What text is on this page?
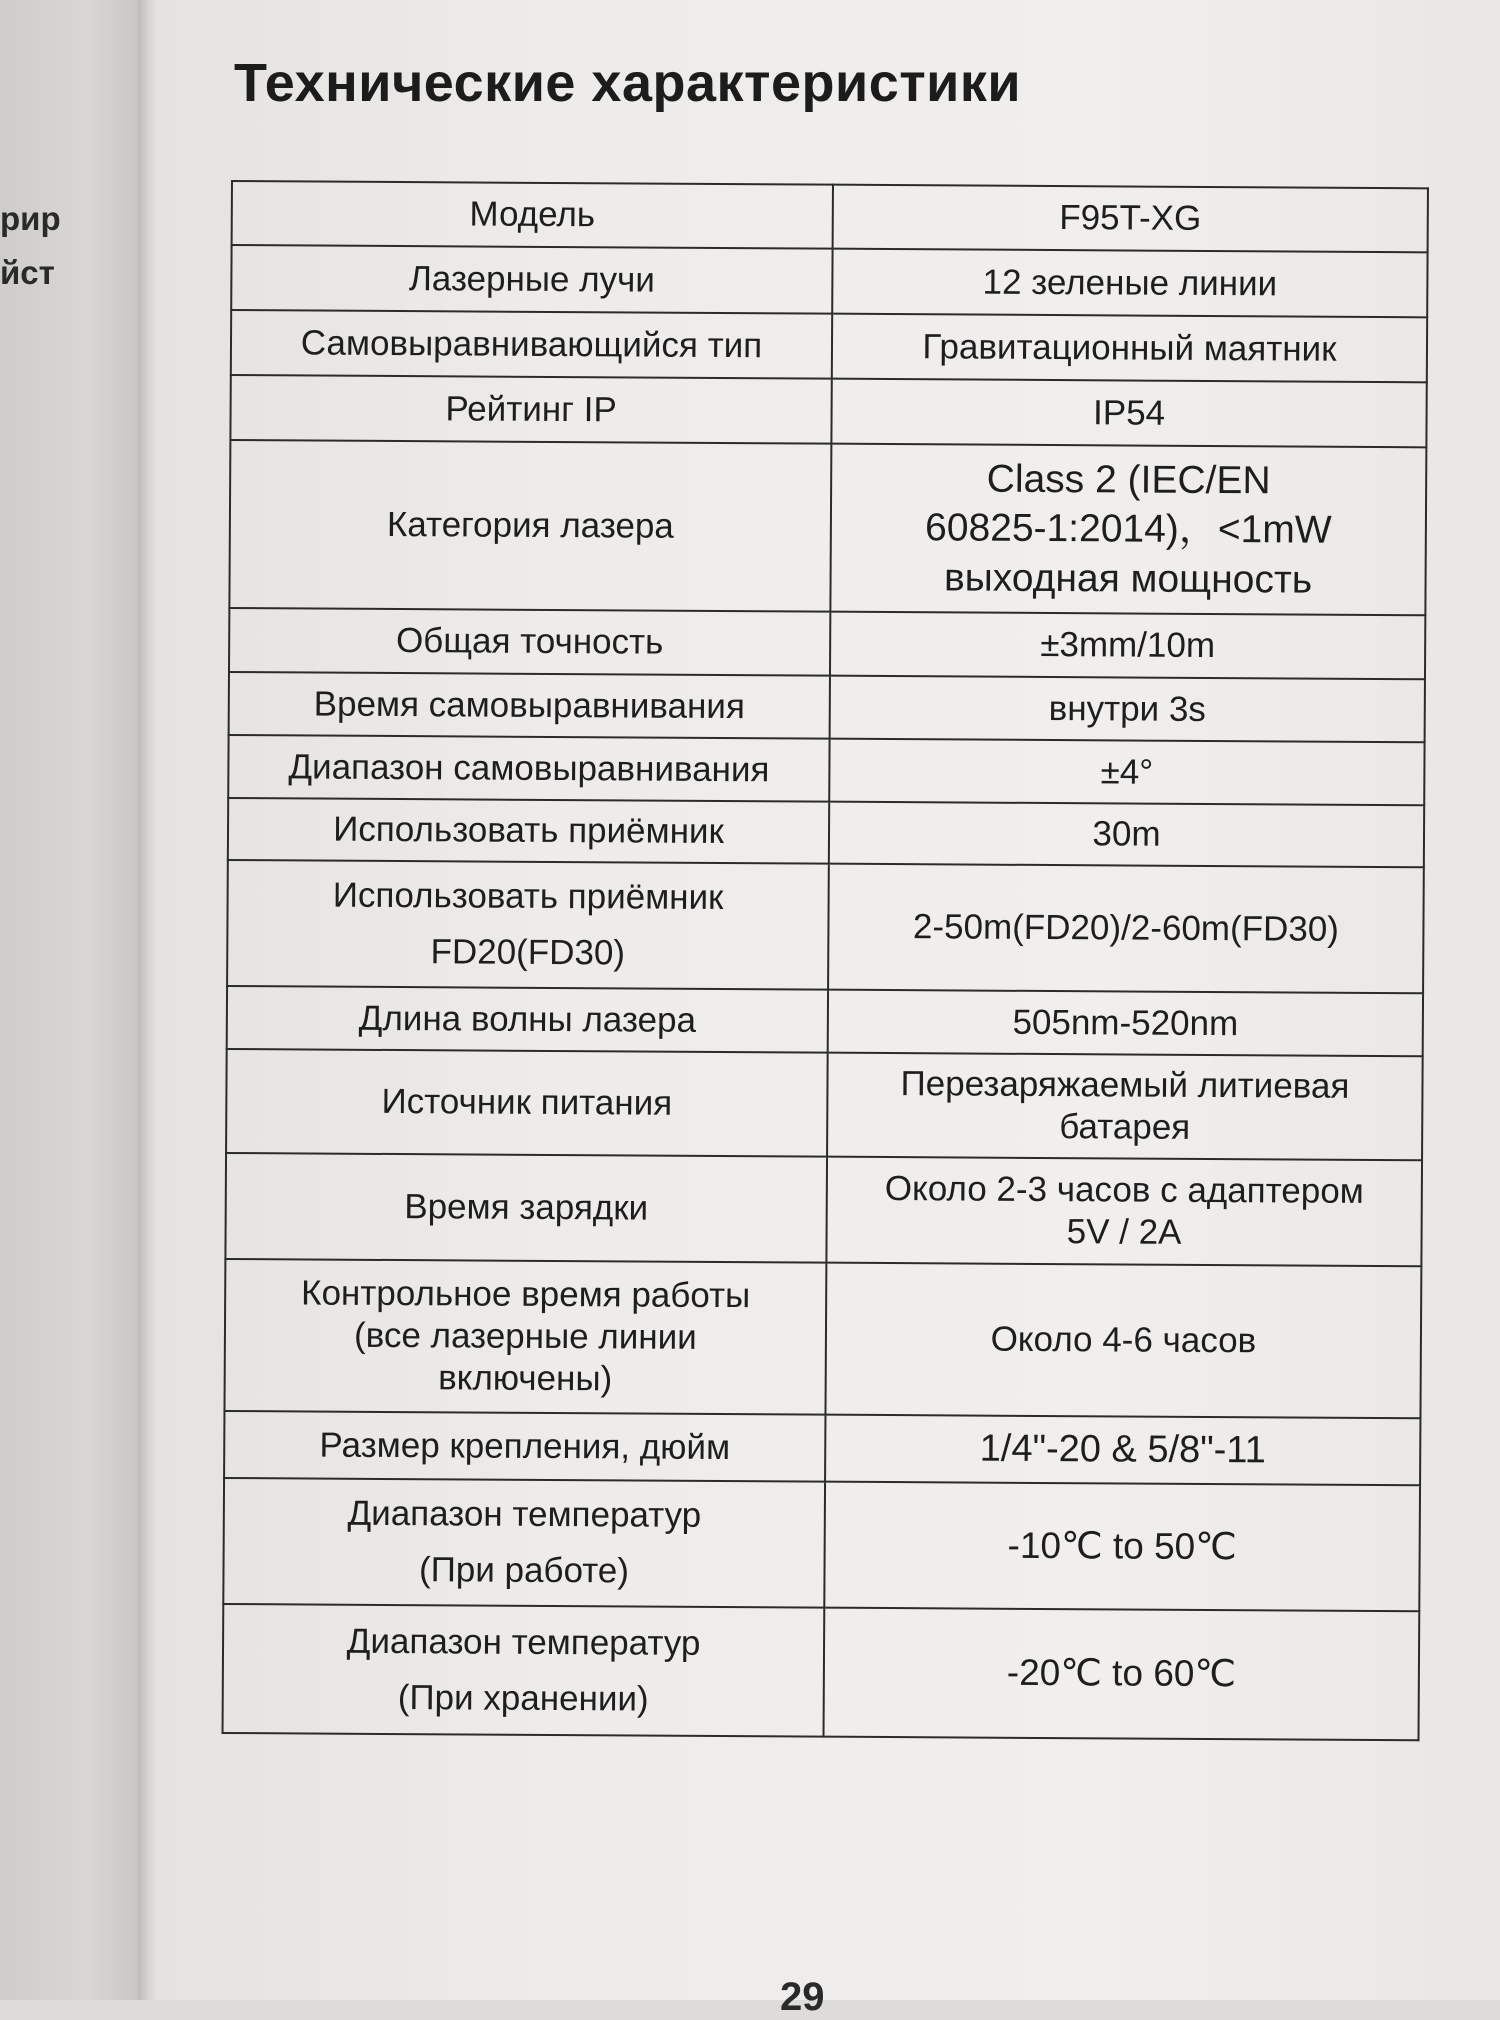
рир
йст
Технические характеристики
Модель	F95T-XG
Лазерные лучи	12 зеленые линии
Самовыравнивающийся тип	Гравитационный маятник
Рейтинг IP	IP54
Категория лазера	Class 2 (IEC/EN
60825-1:2014)，<1mW
выходная мощность
Общая точность	±3mm/10m
Время самовыравнивания	внутри 3s
Диапазон самовыравнивания	±4°
Использовать приёмник	30m
Использовать приёмник
FD20(FD30)	2-50m(FD20)/2-60m(FD30)
Длина волны лазера	505nm-520nm
Источник питания	Перезаряжаемый литиевая
батарея
Время зарядки	Около 2-3 часов с адаптером
5V / 2A
Контрольное время работы
(все лазерные линии
включены)	Около 4-6 часов
Размер крепления, дюйм	1/4"-20 & 5/8"-11
Диапазон температур
(При работе)	-10℃ to 50℃
Диапазон температур
(При хранении)	-20℃ to 60℃
29
